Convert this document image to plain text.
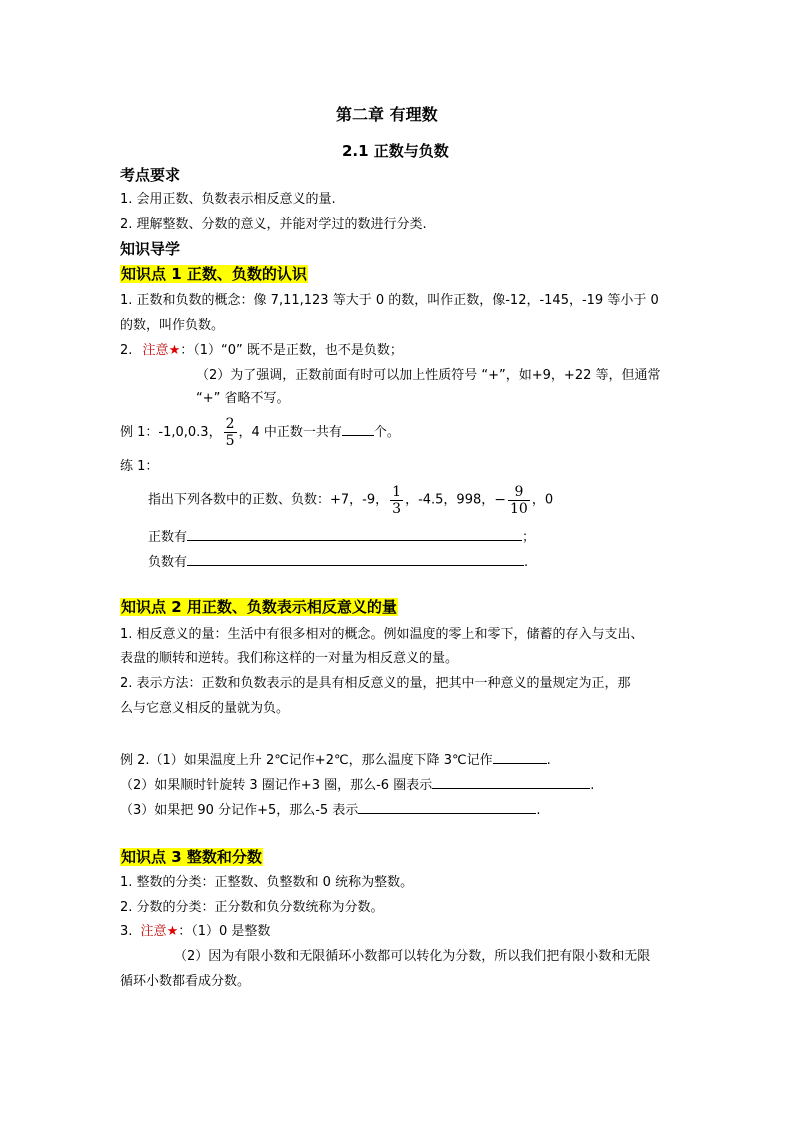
第二章 有理数
2.1 正数与负数
考点要求
1. 会用正数、负数表示相反意义的量.
2. 理解整数、分数的意义，并能对学过的数进行分类.
知识导学
知识点 1 正数、负数的认识
1. 正数和负数的概念：像 7,11,123 等大于 0 的数，叫作正数，像-12，-145，-19 等小于 0
的数，叫作负数。
2. 注意★：（1）“0” 既不是正数，也不是负数；
（2）为了强调，正数前面有时可以加上性质符号 “+”，如+9，+22 等，但通常
“+” 省略不写。
例 1：-1,0,0.3， $\frac{2}{5}$ ，4 中正数一共有 个。
练 1：
指出下列各数中的正数、负数：+7，-9， $\frac{1}{3}$ ，-4.5，998，− $\frac{9}{10}$ ，0
正数有	；
负数有	.
知识点 2 用正数、负数表示相反意义的量
1. 相反意义的量：生活中有很多相对的概念。例如温度的零上和零下，储蓄的存入与支出、
表盘的顺转和逆转。我们称这样的一对量为相反意义的量。
2. 表示方法：正数和负数表示的是具有相反意义的量，把其中一种意义的量规定为正，那
么与它意义相反的量就为负。
例 2.（1）如果温度上升 2℃记作+2℃，那么温度下降 3℃记作	.
（2）如果顺时针旋转 3 圈记作+3 圈，那么-6 圈表示	.
（3）如果把 90 分记作+5，那么-5 表示	.
知识点 3 整数和分数
1. 整数的分类：正整数、负整数和 0 统称为整数。
2. 分数的分类：正分数和负分数统称为分数。
3. 注意★：（1）0 是整数
（2）因为有限小数和无限循环小数都可以转化为分数，所以我们把有限小数和无限
循环小数都看成分数。
